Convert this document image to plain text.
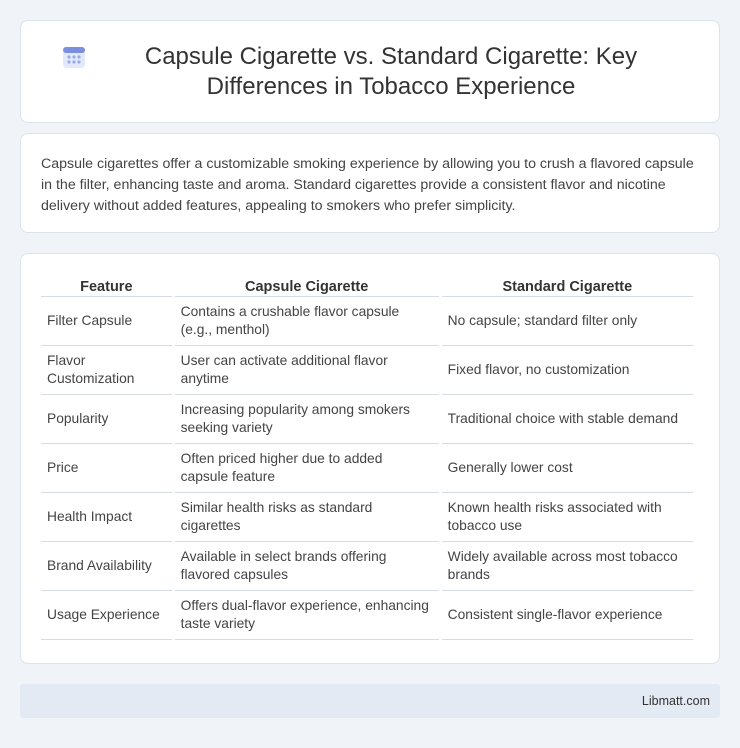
Capsule Cigarette vs. Standard Cigarette: Key Differences in Tobacco Experience

Capsule cigarettes offer a customizable smoking experience by allowing you to crush a flavored capsule in the filter, enhancing taste and aroma. Standard cigarettes provide a consistent flavor and nicotine delivery without added features, appealing to smokers who prefer simplicity.

Feature	Capsule Cigarette	Standard Cigarette
Filter Capsule	Contains a crushable flavor capsule (e.g., menthol)	No capsule; standard filter only
Flavor Customization	User can activate additional flavor anytime	Fixed flavor, no customization
Popularity	Increasing popularity among smokers seeking variety	Traditional choice with stable demand
Price	Often priced higher due to added capsule feature	Generally lower cost
Health Impact	Similar health risks as standard cigarettes	Known health risks associated with tobacco use
Brand Availability	Available in select brands offering flavored capsules	Widely available across most tobacco brands
Usage Experience	Offers dual-flavor experience, enhancing taste variety	Consistent single-flavor experience
Libmatt.com
